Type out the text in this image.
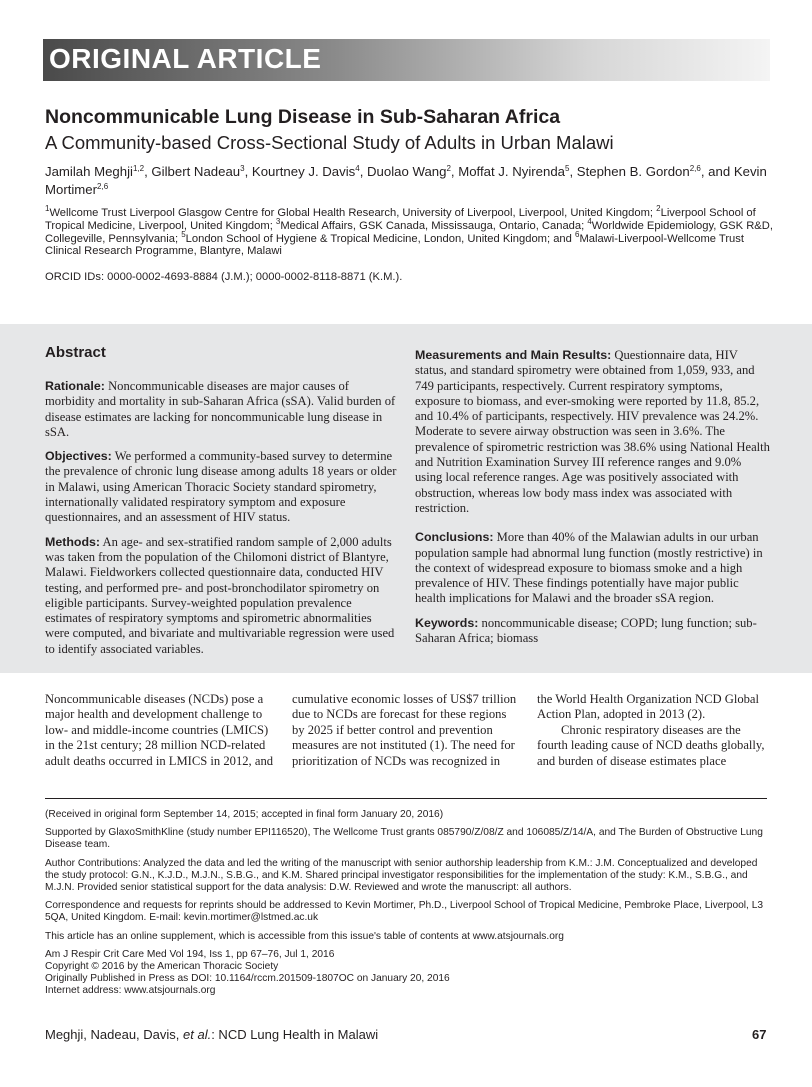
ORIGINAL ARTICLE
Noncommunicable Lung Disease in Sub-Saharan Africa
A Community-based Cross-Sectional Study of Adults in Urban Malawi
Jamilah Meghji$^{1,2}$, Gilbert Nadeau$^3$, Kourtney J. Davis$^4$, Duolao Wang$^2$, Moffat J. Nyirenda$^5$, Stephen B. Gordon$^{2,6}$, and Kevin Mortimer$^{2,6}$
$^1$Wellcome Trust Liverpool Glasgow Centre for Global Health Research, University of Liverpool, Liverpool, United Kingdom; $^2$Liverpool School of Tropical Medicine, Liverpool, United Kingdom; $^3$Medical Affairs, GSK Canada, Mississauga, Ontario, Canada; $^4$Worldwide Epidemiology, GSK R&D, Collegeville, Pennsylvania; $^5$London School of Hygiene & Tropical Medicine, London, United Kingdom; and $^6$Malawi-Liverpool-Wellcome Trust Clinical Research Programme, Blantyre, Malawi
ORCID IDs: 0000-0002-4693-8884 (J.M.); 0000-0002-8118-8871 (K.M.).
Abstract

Rationale: Noncommunicable diseases are major causes of morbidity and mortality in sub-Saharan Africa (sSA). Valid burden of disease estimates are lacking for noncommunicable lung disease in sSA.

Objectives: We performed a community-based survey to determine the prevalence of chronic lung disease among adults 18 years or older in Malawi, using American Thoracic Society standard spirometry, internationally validated respiratory symptom and exposure questionnaires, and an assessment of HIV status.

Methods: An age- and sex-stratified random sample of 2,000 adults was taken from the population of the Chilomoni district of Blantyre, Malawi. Fieldworkers collected questionnaire data, conducted HIV testing, and performed pre- and post-bronchodilator spirometry on eligible participants. Survey-weighted population prevalence estimates of respiratory symptoms and spirometric abnormalities were computed, and bivariate and multivariable regression were used to identify associated variables.

Measurements and Main Results: Questionnaire data, HIV status, and standard spirometry were obtained from 1,059, 933, and 749 participants, respectively. Current respiratory symptoms, exposure to biomass, and ever-smoking were reported by 11.8, 85.2, and 10.4% of participants, respectively. HIV prevalence was 24.2%. Moderate to severe airway obstruction was seen in 3.6%. The prevalence of spirometric restriction was 38.6% using National Health and Nutrition Examination Survey III reference ranges and 9.0% using local reference ranges. Age was positively associated with obstruction, whereas low body mass index was associated with restriction.

Conclusions: More than 40% of the Malawian adults in our urban population sample had abnormal lung function (mostly restrictive) in the context of widespread exposure to biomass smoke and a high prevalence of HIV. These findings potentially have major public health implications for Malawi and the broader sSA region.

Keywords: noncommunicable disease; COPD; lung function; sub-Saharan Africa; biomass

Noncommunicable diseases (NCDs) pose a major health and development challenge to low- and middle-income countries (LMICS) in the 21st century; 28 million NCD-related adult deaths occurred in LMICS in 2012, and

cumulative economic losses of US$7 trillion due to NCDs are forecast for these regions by 2025 if better control and prevention measures are not instituted (1). The need for prioritization of NCDs was recognized in

the World Health Organization NCD Global Action Plan, adopted in 2013 (2).

Chronic respiratory diseases are the fourth leading cause of NCD deaths globally, and burden of disease estimates place

(Received in original form September 14, 2015; accepted in final form January 20, 2016)

Supported by GlaxoSmithKline (study number EPI116520), The Wellcome Trust grants 085790/Z/08/Z and 106085/Z/14/A, and The Burden of Obstructive Lung Disease team.

Author Contributions: Analyzed the data and led the writing of the manuscript with senior authorship leadership from K.M.: J.M. Conceptualized and developed the study protocol: G.N., K.J.D., M.J.N., S.B.G., and K.M. Shared principal investigator responsibilities for the implementation of the study: K.M., S.B.G., and M.J.N. Provided senior statistical support for the data analysis: D.W. Reviewed and wrote the manuscript: all authors.

Correspondence and requests for reprints should be addressed to Kevin Mortimer, Ph.D., Liverpool School of Tropical Medicine, Pembroke Place, Liverpool, L3 5QA, United Kingdom. E-mail: kevin.mortimer@lstmed.ac.uk

This article has an online supplement, which is accessible from this issue's table of contents at www.atsjournals.org

Am J Respir Crit Care Med Vol 194, Iss 1, pp 67–76, Jul 1, 2016

Copyright © 2016 by the American Thoracic Society

Originally Published in Press as DOI: 10.1164/rccm.201509-1807OC on January 20, 2016

Internet address: www.atsjournals.org

Meghji, Nadeau, Davis, et al.: NCD Lung Health in Malawi	67
